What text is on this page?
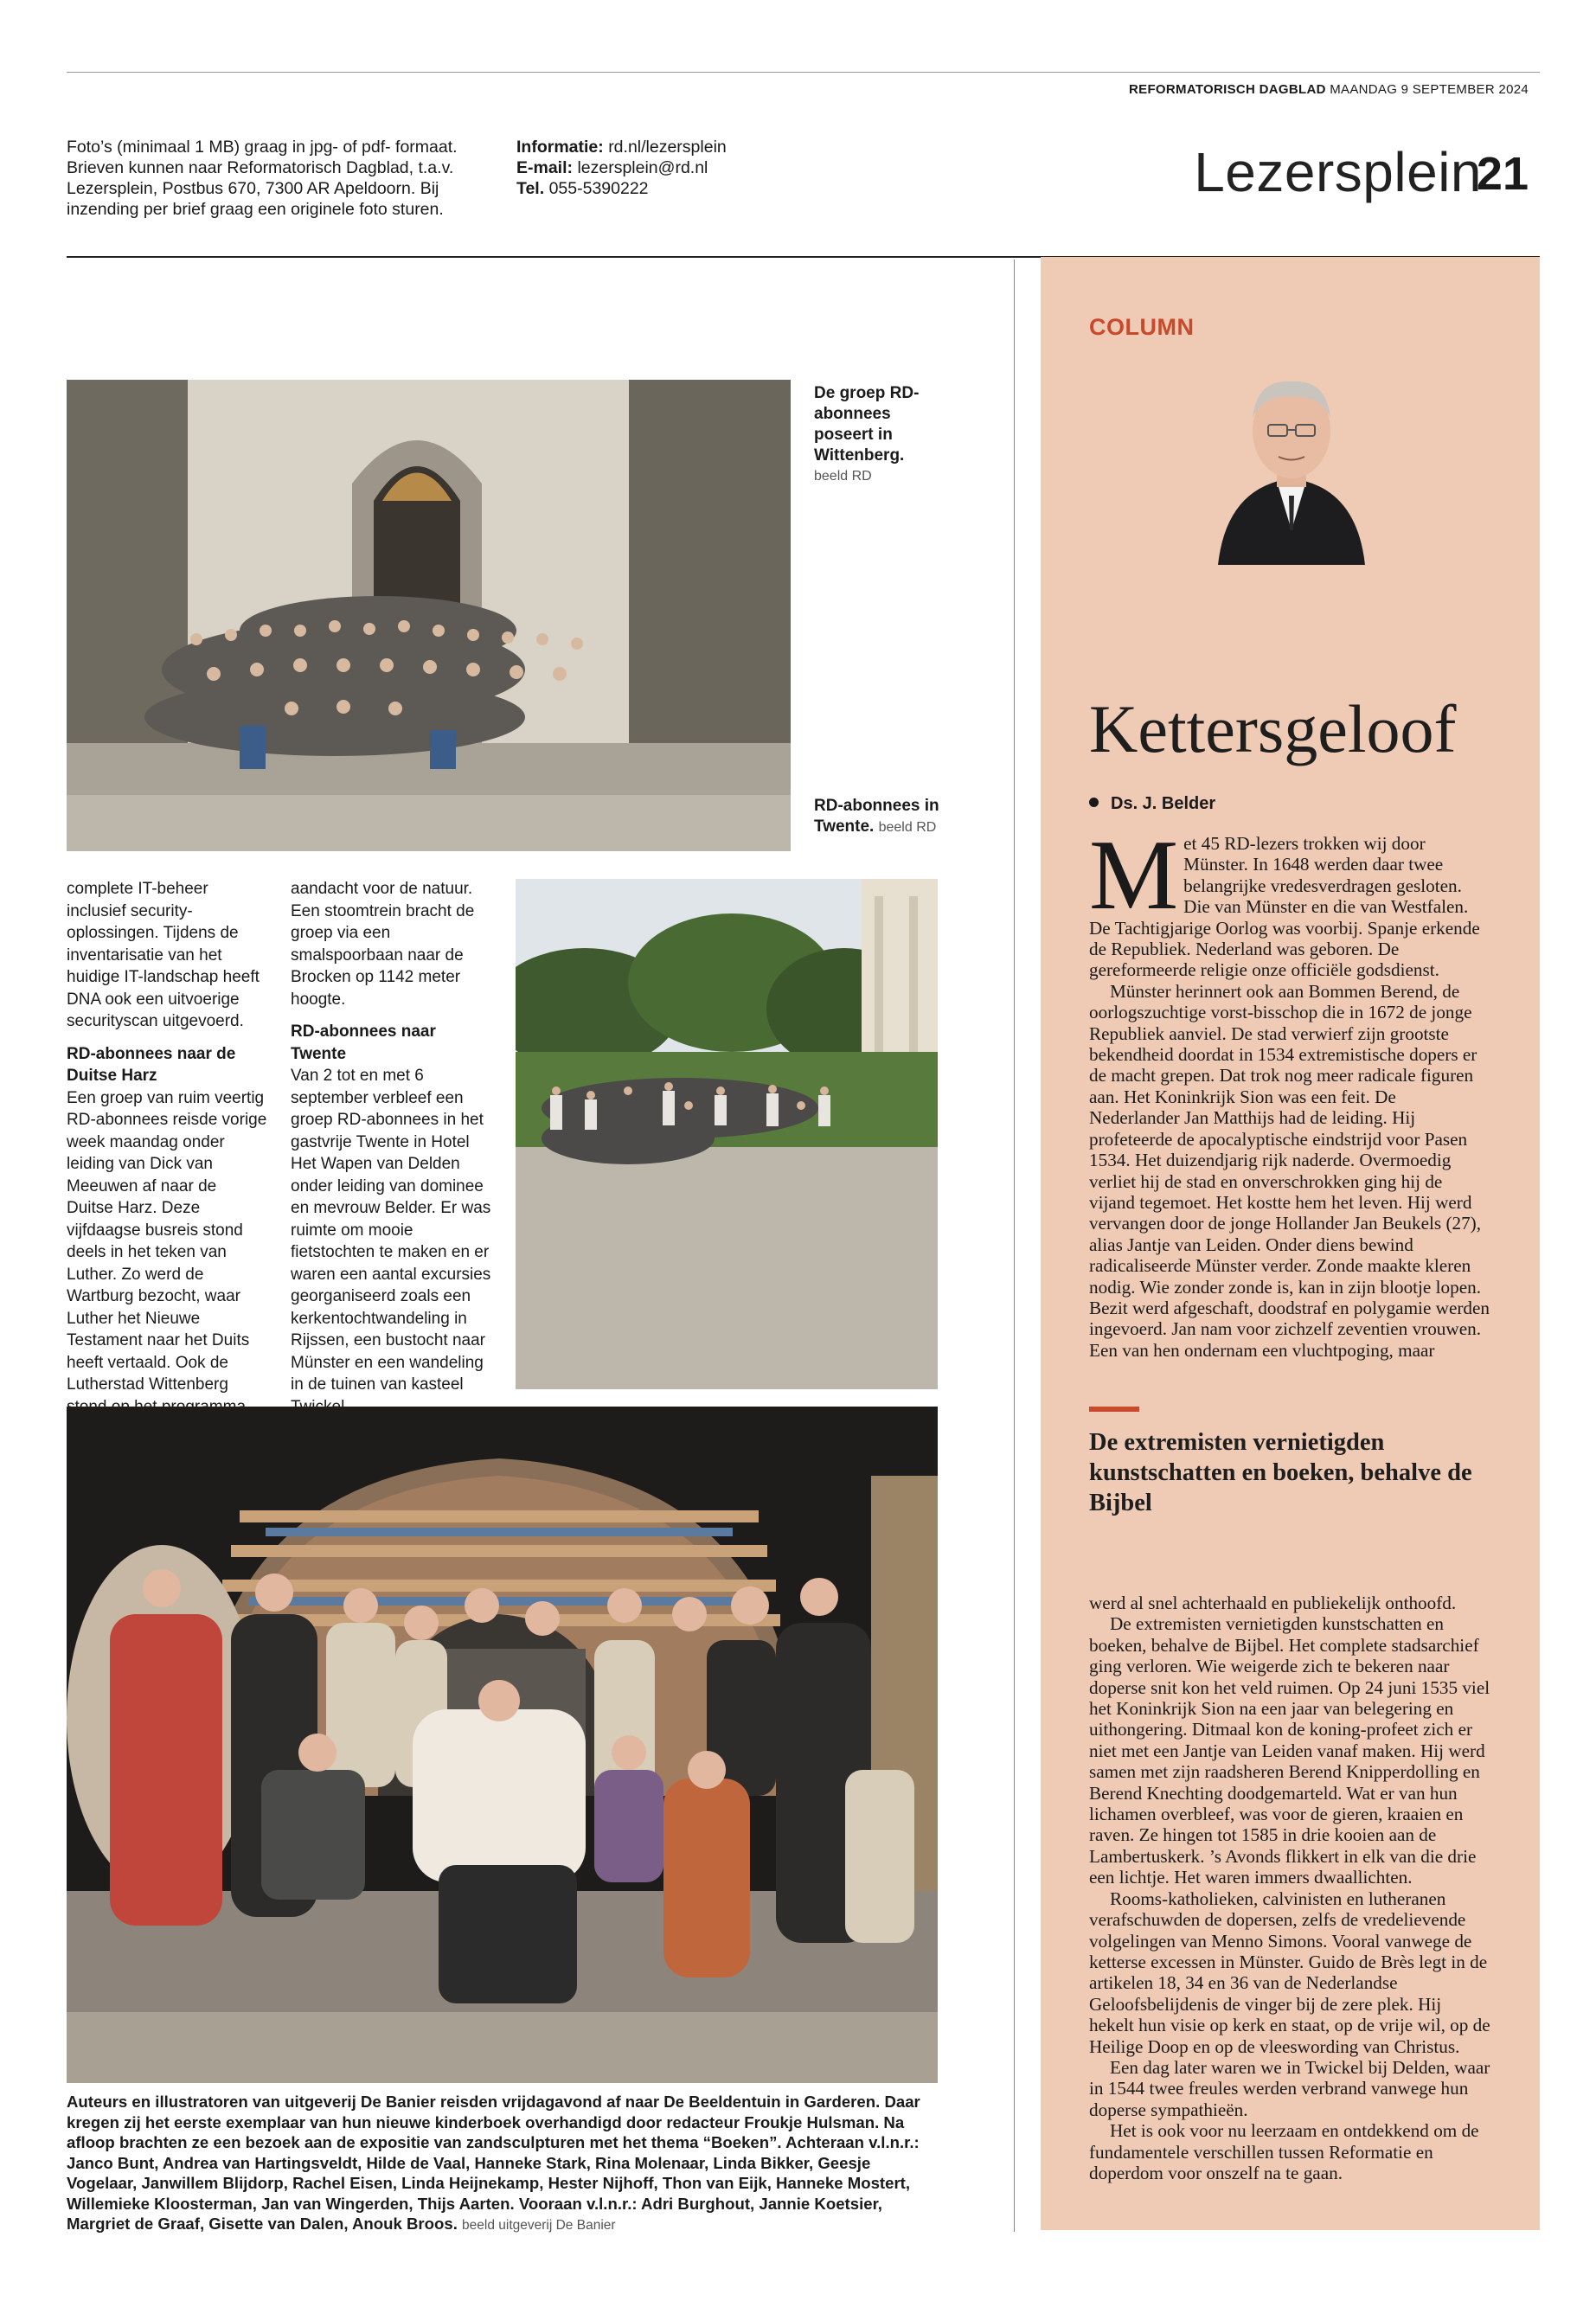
REFORMATORISCH DAGBLAD MAANDAG 9 SEPTEMBER 2024
Foto’s (minimaal 1 MB) graag in jpg- of pdf- formaat. Brieven kunnen naar Reformatorisch Dagblad, t.a.v. Lezersplein, Postbus 670, 7300 AR Apeldoorn. Bij inzending per brief graag een originele foto sturen.
Informatie: rd.nl/lezersplein
E-mail: lezersplein@rd.nl
Tel. 055-5390222	Lezersplein
21
De groep RD-abonnees poseert in Wittenberg.
beeld RD
RD-abonnees in Twente. beeld RD

complete IT-beheer inclusief security-oplossingen. Tijdens de inventarisatie van het huidige IT-landschap heeft DNA ook een uitvoerige securityscan uitgevoerd.

RD-abonnees naar de Duitse Harz

Een groep van ruim veertig RD-abonnees reisde vorige week maandag onder leiding van Dick van Meeuwen af naar de Duitse Harz. Deze vijfdaagse busreis stond deels in het teken van Luther. Zo werd de Wartburg bezocht, waar Luther het Nieuwe Testament naar het Duits heeft vertaald. Ook de Lutherstad Wittenberg

aandacht voor de natuur. Een stoomtrein bracht de groep via een smalspoorbaan naar de Brocken op 1142 meter hoogte.

RD-abonnees naar Twente

Van 2 tot en met 6 september verbleef een groep RD-abonnees in het gastvrije Twente in Hotel Het Wapen van Delden onder leiding van dominee en mevrouw Belder. Er was ruimte om mooie fietstochten te maken en er waren een aantal excursies georganiseerd zoals een kerkentochtwandeling in Rijssen, een bustocht naar Münster en een wandeling in de tuinen van kasteel

Auteurs en illustratoren van uitgeverij De Banier reisden vrijdagavond af naar De Beeldentuin in Garderen. Daar kregen zij het eerste exemplaar van hun nieuwe kinderboek overhandigd door redacteur Froukje Hulsman. Na afloop brachten ze een bezoek aan de expositie van zandsculpturen met het thema “Boeken”. Achteraan v.l.n.r.: Janco Bunt, Andrea van Hartingsveldt, Hilde de Vaal, Hanneke Stark, Rina Molenaar, Linda Bikker, Geesje Vogelaar, Janwillem Blijdorp, Rachel Eisen, Linda Heijnekamp, Hester Nijhoff, Thon van Eijk, Hanneke Mostert, Willemieke Kloosterman, Jan van Wingerden, Thijs Aarten. Vooraan v.l.n.r.: Adri Burghout, Jannie Koetsier, Margriet de Graaf, Gisette van Dalen, Anouk Broos. beeld uitgeverij De Banier
COLUMN
Kettersgeloof
Ds. J. Belder
M et 45 RD-lezers trokken wij door Münster. In 1648 werden daar twee belangrijke vredesverdragen gesloten. Die van Münster en die van Westfalen. De Tachtigjarige Oorlog was voorbij. Spanje erkende de Republiek. Nederland was geboren. De gereformeerde religie onze officiële godsdienst.

Münster herinnert ook aan Bommen Berend, de oorlogszuchtige vorst-bisschop die in 1672 de jonge Republiek aanviel. De stad verwierf zijn grootste bekendheid doordat in 1534 extremistische dopers er de macht grepen. Dat trok nog meer radicale figuren aan. Het Koninkrijk Sion was een feit. De Nederlander Jan Matthijs had de leiding. Hij profeteerde de apocalyptische eindstrijd voor Pasen 1534. Het duizendjarig rijk naderde. Overmoedig verliet hij de stad en onverschrokken ging hij de vijand tegemoet. Het kostte hem het leven. Hij werd vervangen door de jonge Hollander Jan Beukels (27), alias Jantje van Leiden. Onder diens bewind radicaliseerde Münster verder. Zonde maakte kleren nodig. Wie zonder zonde is, kan in zijn blootje lopen. Bezit werd afgeschaft, doodstraf en polygamie werden ingevoerd. Jan nam voor zichzelf zeventien vrouwen. Een van hen ondernam een vluchtpoging, maar

De extremisten vernietigden kunstschatten en boeken, behalve de Bijbel

werd al snel achterhaald en publiekelijk onthoofd.

De extremisten vernietigden kunstschatten en boeken, behalve de Bijbel. Het complete stadsarchief ging verloren. Wie weigerde zich te bekeren naar doperse snit kon het veld ruimen. Op 24 juni 1535 viel het Koninkrijk Sion na een jaar van belegering en uithongering. Ditmaal kon de koning-profeet zich er niet met een Jantje van Leiden vanaf maken. Hij werd samen met zijn raadsheren Berend Knipperdolling en Berend Knechting doodgemarteld. Wat er van hun lichamen overbleef, was voor de gieren, kraaien en raven. Ze hingen tot 1585 in drie kooien aan de Lambertuskerk. ’s Avonds flikkert in elk van die drie een lichtje. Het waren immers dwaallichten.

Rooms-katholieken, calvinisten en lutheranen verafschuwden de dopersen, zelfs de vredelievende volgelingen van Menno Simons. Vooral vanwege de ketterse excessen in Münster. Guido de Brès legt in de artikelen 18, 34 en 36 van de Nederlandse Geloofsbelijdenis de vinger bij de zere plek. Hij hekelt hun visie op kerk en staat, op de vrije wil, op de Heilige Doop en op de vleeswording van Christus.

Een dag later waren we in Twickel bij Delden, waar in 1544 twee freules werden verbrand vanwege hun doperse sympathieën.

Het is ook voor nu leerzaam en ontdekkend om de fundamentele verschillen tussen Reformatie en doperdom voor onszelf na te gaan.
